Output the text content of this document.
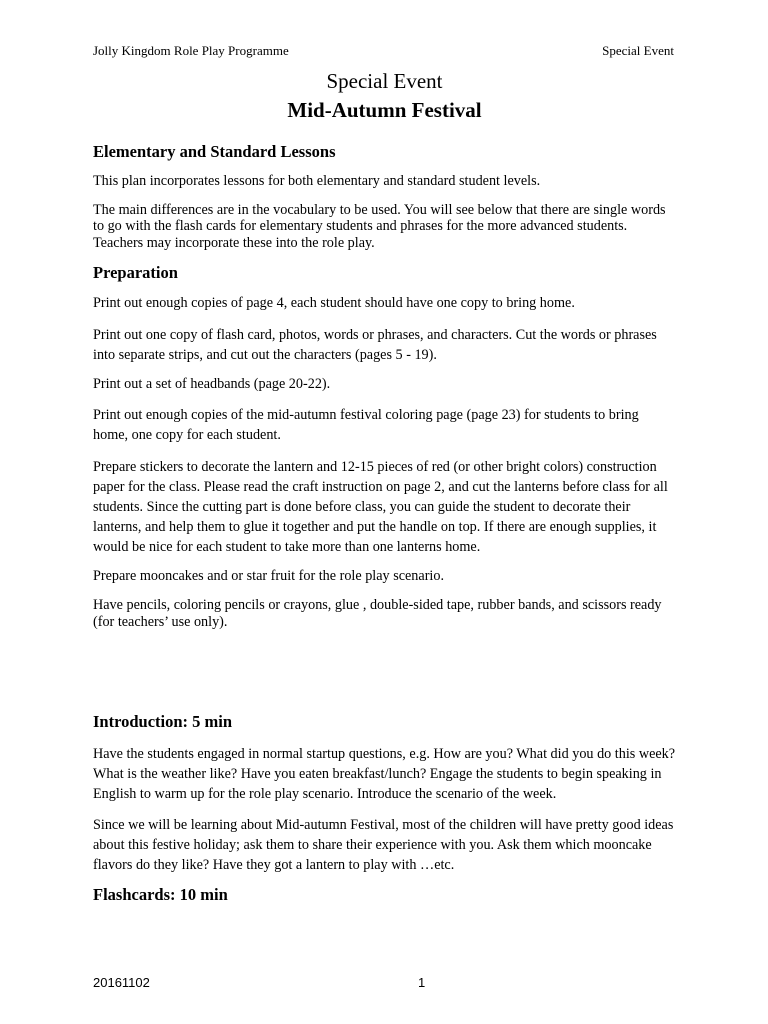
Jolly Kingdom Role Play Programme	Special Event
Special Event
Mid-Autumn Festival
Elementary and Standard Lessons

This plan incorporates lessons for both elementary and standard student levels.

The main differences are in the vocabulary to be used. You will see below that there are single words to go with the flash cards for elementary students and phrases for the more advanced students. Teachers may incorporate these into the role play.

Preparation

Print out enough copies of page 4, each student should have one copy to bring home.

Print out one copy of flash card, photos, words or phrases, and characters. Cut the words or phrases into separate strips, and cut out the characters (pages 5 - 19).

Print out a set of headbands (page 20-22).

Print out enough copies of the mid-autumn festival coloring page (page 23) for students to bring home, one copy for each student.

Prepare stickers to decorate the lantern and 12-15 pieces of red (or other bright colors) construction paper for the class. Please read the craft instruction on page 2, and cut the lanterns before class for all students. Since the cutting part is done before class, you can guide the student to decorate their lanterns, and help them to glue it together and put the handle on top. If there are enough supplies, it would be nice for each student to take more than one lanterns home.

Prepare mooncakes and or star fruit for the role play scenario.

Have pencils, coloring pencils or crayons, glue , double-sided tape, rubber bands, and scissors ready (for teachers’ use only).

Introduction: 5 min

Have the students engaged in normal startup questions, e.g. How are you? What did you do this week? What is the weather like? Have you eaten breakfast/lunch? Engage the students to begin speaking in English to warm up for the role play scenario. Introduce the scenario of the week.

Since we will be learning about Mid-autumn Festival, most of the children will have pretty good ideas about this festive holiday; ask them to share their experience with you. Ask them which mooncake flavors do they like? Have they got a lantern to play with …etc.

Flashcards: 10 min
20161102	1
